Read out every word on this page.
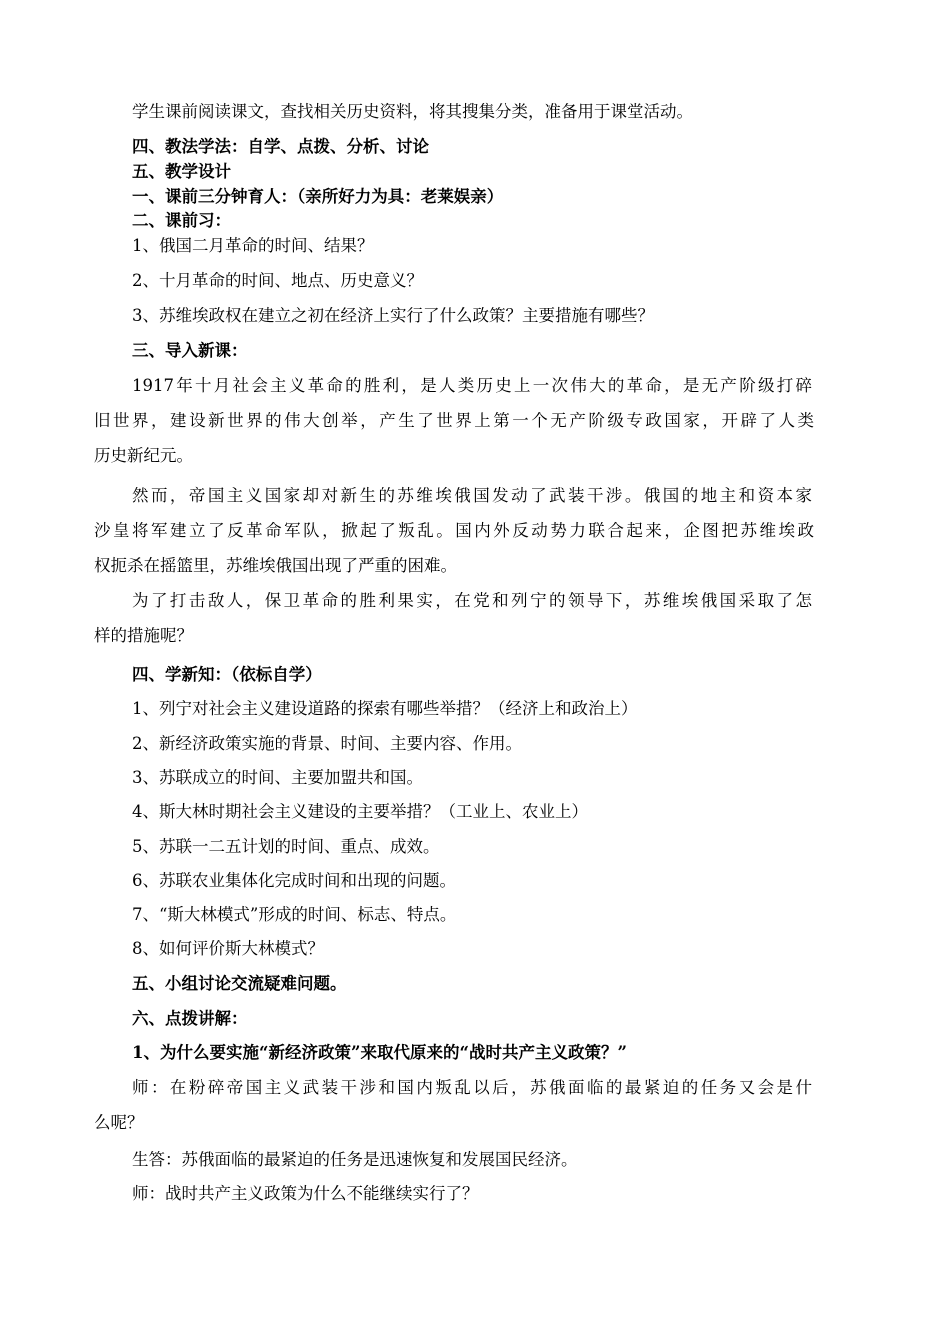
学生课前阅读课文，查找相关历史资料，将其搜集分类，准备用于课堂活动。
四、教法学法：自学、点拨、分析、讨论
五、教学设计
一、课前三分钟育人：（亲所好力为具：老莱娱亲）
二、课前习：
1、俄国二月革命的时间、结果？
2、十月革命的时间、地点、历史意义？
3、苏维埃政权在建立之初在经济上实行了什么政策？主要措施有哪些？
三、导入新课：
1917年十月社会主义革命的胜利，是人类历史上一次伟大的革命，是无产阶级打碎
旧世界，建设新世界的伟大创举，产生了世界上第一个无产阶级专政国家，开辟了人类
历史新纪元。
然而，帝国主义国家却对新生的苏维埃俄国发动了武装干涉。俄国的地主和资本家
沙皇将军建立了反革命军队，掀起了叛乱。国内外反动势力联合起来，企图把苏维埃政
权扼杀在摇篮里，苏维埃俄国出现了严重的困难。
为了打击敌人，保卫革命的胜利果实，在党和列宁的领导下，苏维埃俄国采取了怎
样的措施呢？
四、学新知：（依标自学）
1、列宁对社会主义建设道路的探索有哪些举措？（经济上和政治上）
2、新经济政策实施的背景、时间、主要内容、作用。
3、苏联成立的时间、主要加盟共和国。
4、斯大林时期社会主义建设的主要举措？（工业上、农业上）
5、苏联一二五计划的时间、重点、成效。
6、苏联农业集体化完成时间和出现的问题。
7、“斯大林模式”形成的时间、标志、特点。
8、如何评价斯大林模式？
五、小组讨论交流疑难问题。
六、点拨讲解：
1、为什么要实施“新经济政策”来取代原来的“战时共产主义政策？”
师：在粉碎帝国主义武装干涉和国内叛乱以后，苏俄面临的最紧迫的任务又会是什
么呢？
生答：苏俄面临的最紧迫的任务是迅速恢复和发展国民经济。
师：战时共产主义政策为什么不能继续实行了？
